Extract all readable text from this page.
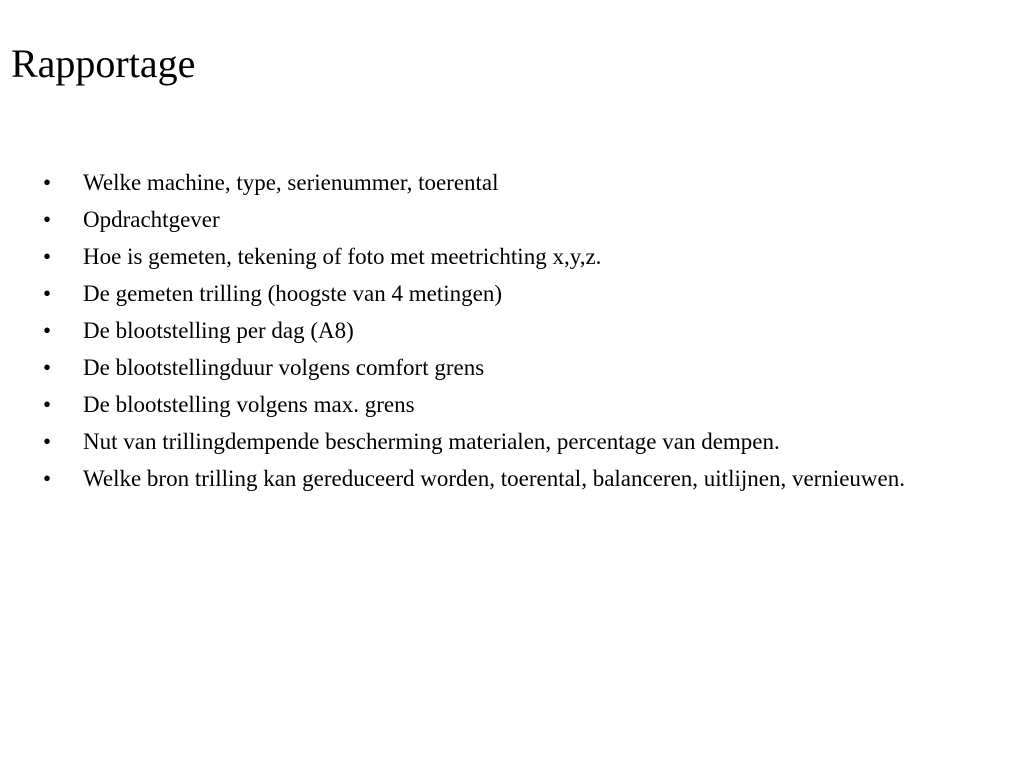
Rapportage
•	Welke machine, type, serienummer, toerental
•	Opdrachtgever
•	Hoe is gemeten, tekening of foto met meetrichting x,y,z.
•	De gemeten trilling (hoogste van 4 metingen)
•	De blootstelling per dag (A8)
•	De blootstellingduur volgens comfort grens
•	De blootstelling volgens max. grens
•	Nut van trillingdempende bescherming materialen, percentage van dempen.
•	Welke bron trilling kan gereduceerd worden, toerental, balanceren, uitlijnen, vernieuwen.
